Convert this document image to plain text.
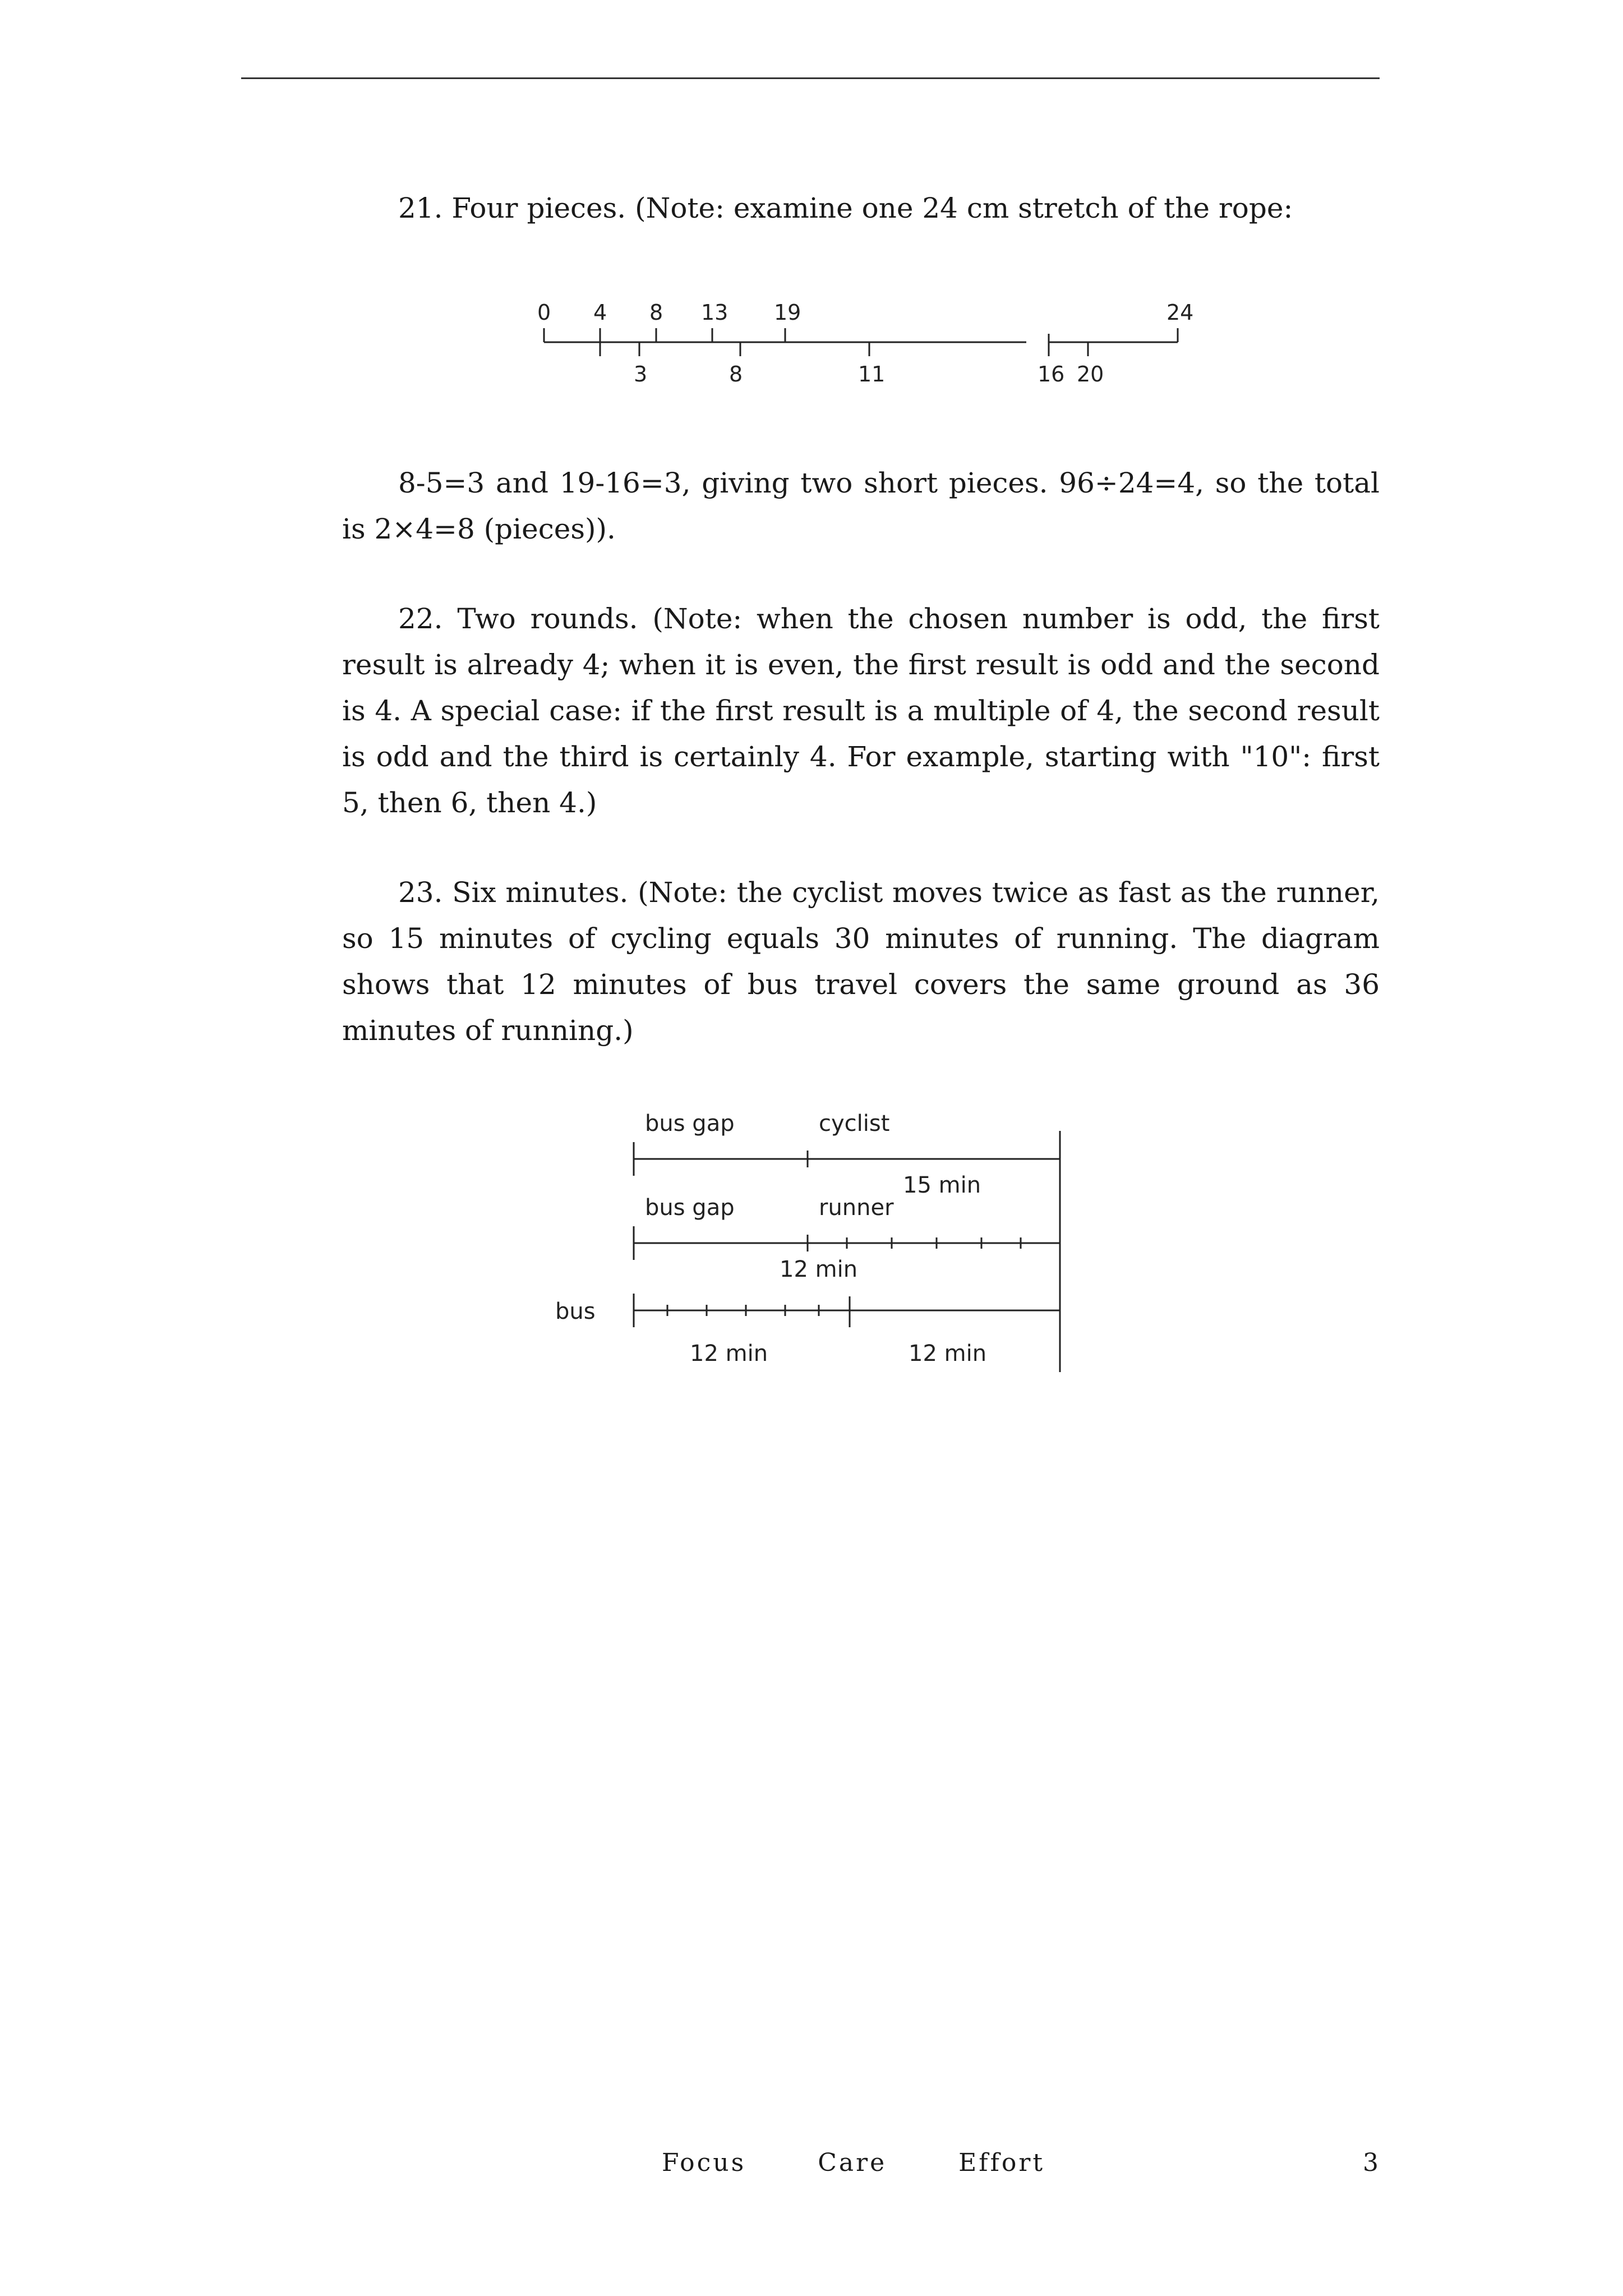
21. Four pieces. (Note: examine one 24 cm stretch of the rope:

0 4 8 13 19	24
3	8	11	16 20

8-5=3 and 19-16=3, giving two short pieces. 96÷24=4, so the total is 2×4=8 (pieces)).

22. Two rounds. (Note: when the chosen number is odd, the first result is already 4; when it is even, the first result is odd and the second is 4. A special case: if the first result is a multiple of 4, the second result is odd and the third is certainly 4. For example, starting with "10": first 5, then 6, then 4.)

23. Six minutes. (Note: the cyclist moves twice as fast as the runner, so 15 minutes of cycling equals 30 minutes of running. The diagram shows that 12 minutes of bus travel covers the same ground as 36 minutes of running.)

bus gap	cyclist
15 min
bus gap	runner
12 min
bus
12 min	12 min
Focus	Care	Effort	3
